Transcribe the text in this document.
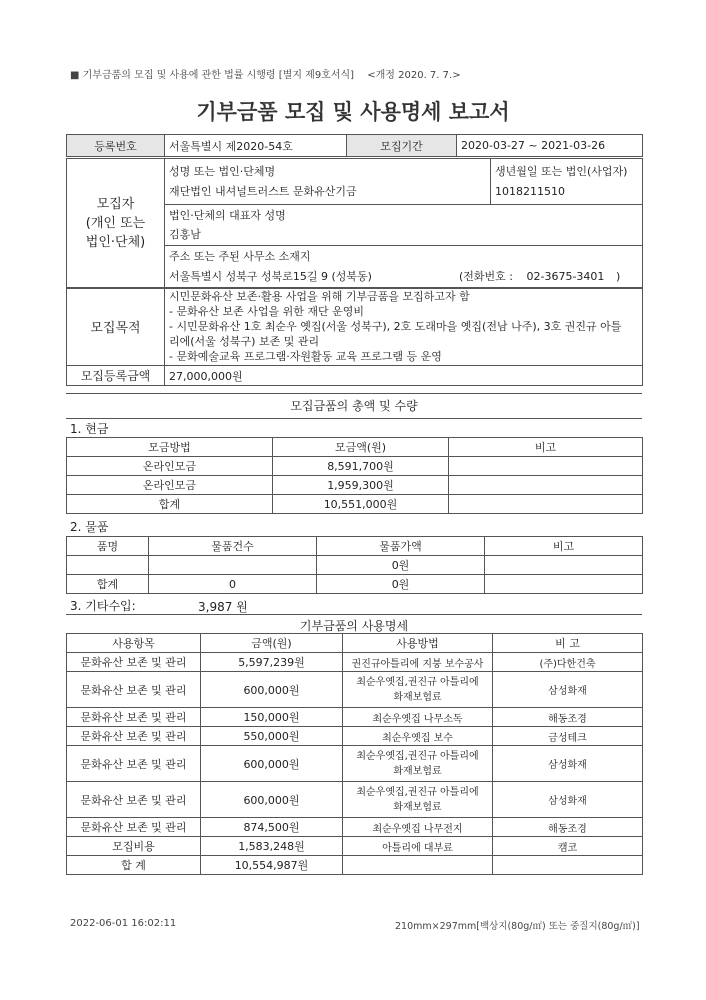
■ 기부금품의 모집 및 사용에 관한 법률 시행령 [별지 제9호서식] <개정 2020. 7. 7.>
기부금품 모집 및 사용명세 보고서
등록번호	서울특별시 제2020-54호	모집기간	2020-03-27 ~ 2021-03-26
모집자
(개인 또는
법인·단체)	
성명 또는 법인·단체명
재단법인 내셔널트러스트 문화유산기금

생년월일 또는 법인(사업자)
1018211510

법인·단체의 대표자 성명
김홍남

주소 또는 주된 사무소 소재지
서울특별시 성북구 성북로15길 9 (성북동)	(전화번호 : 02-3675-3401 )
모집목적	시민문화유산 보존·활용 사업을 위해 기부금품을 모집하고자 함
- 문화유산 보존 사업을 위한 재단 운영비
- 시민문화유산 1호 최순우 옛집(서울 성북구), 2호 도래마을 옛집(전남 나주), 3호 권진규 아틀
리에(서울 성북구) 보존 및 관리
- 문화예술교육 프로그램·자원활동 교육 프로그램 등 운영

모집등록금액	27,000,000원
모집금품의 총액 및 수량
1. 현금
모금방법	모금액(원)	비고
온라인모금	8,591,700원	
온라인모금	1,959,300원	
합계	10,551,000원	
2. 물품
품명	물품건수	물품가액	비고
		0원	
합계	0	0원	
3. 기타수입:	3,987 원
기부금품의 사용명세
사용항목	금액(원)	사용방법	비 고
문화유산 보존 및 관리	5,597,239원	권진규아틀리에 지붕 보수공사	(주)다한건축
문화유산 보존 및 관리	600,000원	최순우옛집,권진규 아틀리에
화재보험료	삼성화재
문화유산 보존 및 관리	150,000원	최순우옛집 나무소독	해동조경
문화유산 보존 및 관리	550,000원	최순우옛집 보수	금성테크
문화유산 보존 및 관리	600,000원	최순우옛집,권진규 아틀리에
화재보험료	삼성화재
문화유산 보존 및 관리	600,000원	최순우옛집,권진규 아틀리에
화재보험료	삼성화재
문화유산 보존 및 관리	874,500원	최순우옛집 나무전지	해동조경
모집비용	1,583,248원	아틀리에 대부료	캠코
합 계	10,554,987원		
2022-06-01 16:02:11	210mm×297mm[백상지(80g/㎡) 또는 중질지(80g/㎡)]
